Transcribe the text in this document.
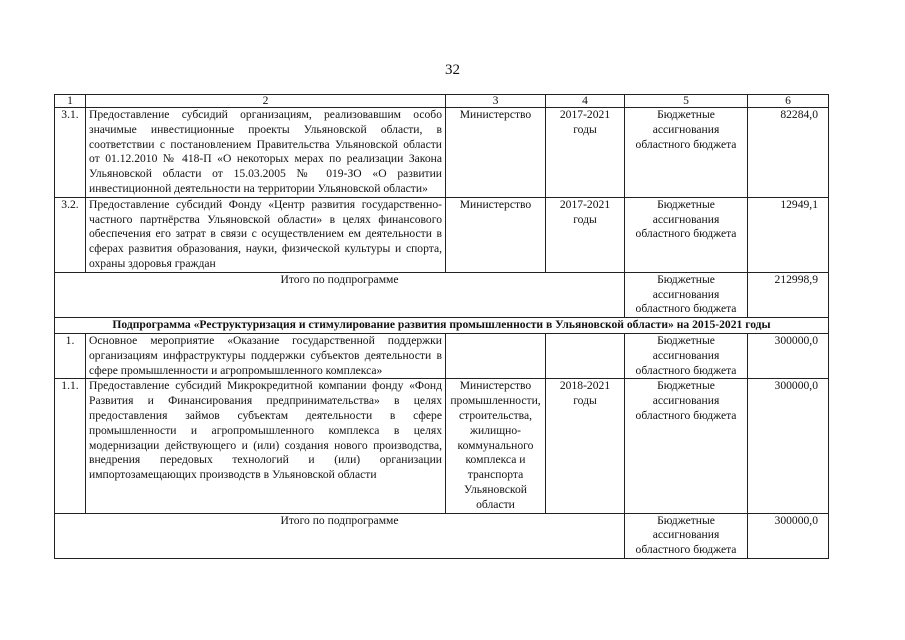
32
1	2	3	4	5	6
3.1.	Предоставление субсидий организациям, реализовавшим особо значимые инвестиционные проекты Ульяновской области, в соответствии с постановлением Правительства Ульяновской области от 01.12.2010 № 418-П «О некоторых мерах по реализации Закона Ульяновской области от 15.03.2005 № 019-ЗО «О развитии инвестиционной деятельности на территории Ульяновской области»	Министерство	2017-2021 годы	Бюджетные ассигнования областного бюджета	82284,0
3.2.	Предоставление субсидий Фонду «Центр развития государственно-частного партнёрства Ульяновской области» в целях финансового обеспечения его затрат в связи с осуществлением ем деятельности в сферах развития образования, науки, физической культуры и спорта, охраны здоровья граждан	Министерство	2017-2021 годы	Бюджетные ассигнования областного бюджета	12949,1
Итого по подпрограмме				Бюджетные ассигнования областного бюджета	212998,9
Подпрограмма «Реструктуризация и стимулирование развития промышленности в Ульяновской области» на 2015-2021 годы					
1.	Основное мероприятие «Оказание государственной поддержки организациям инфраструктуры поддержки субъектов деятельности в сфере промышленности и агропромышленного комплекса»			Бюджетные ассигнования областного бюджета	300000,0
1.1.	Предоставление субсидий Микрокредитной компании фонду «Фонд Развития и Финансирования предпринимательства» в целях предоставления займов субъектам деятельности в сфере промышленности и агропромышленного комплекса в целях модернизации действующего и (или) создания нового производства, внедрения передовых технологий и (или) организации импортозамещающих производств в Ульяновской области	Министерство промышленности, строительства, жилищно-коммунального комплекса и транспорта Ульяновской области	2018-2021 годы	Бюджетные ассигнования областного бюджета	300000,0
Итого по подпрограмме				Бюджетные ассигнования областного бюджета	300000,0
